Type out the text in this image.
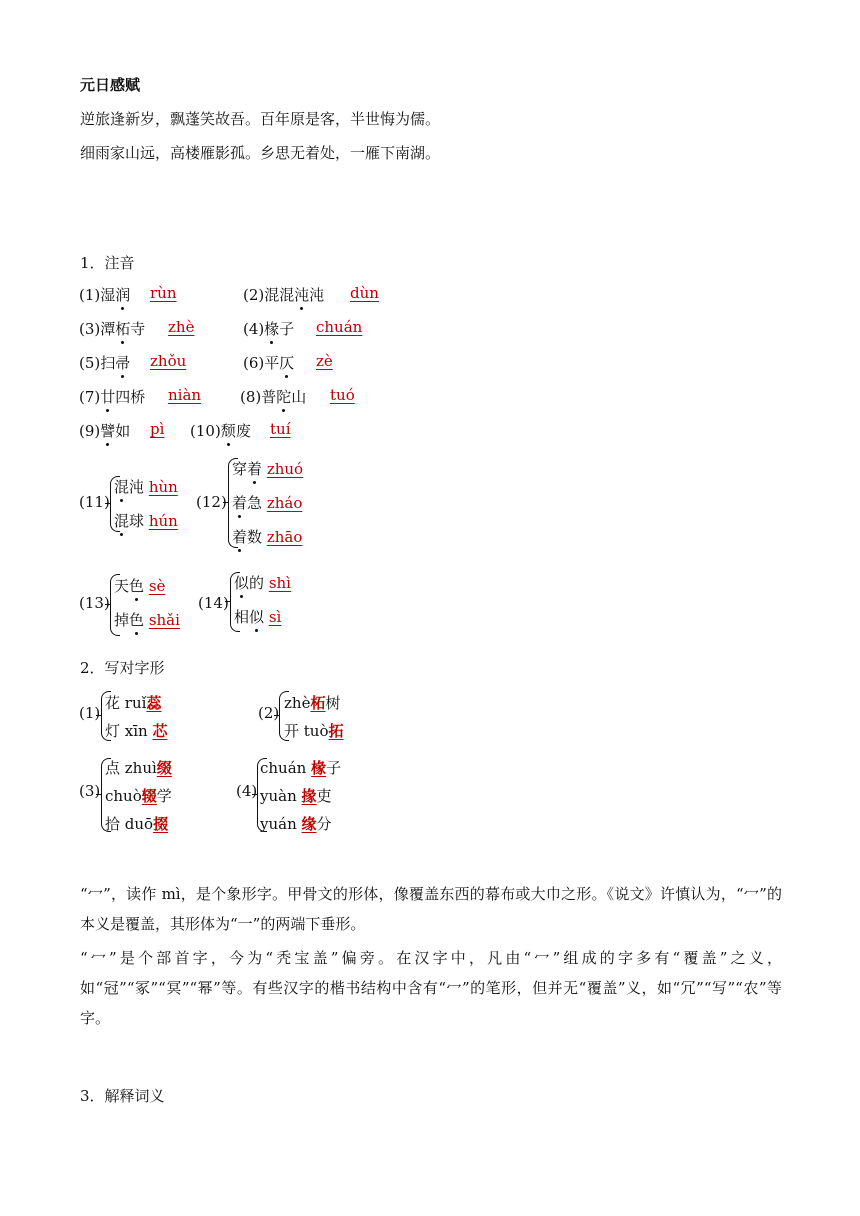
元日感赋
逆旅逢新岁，飘蓬笑故吾。百年原是客，半世悔为儒。
细雨家山远，高楼雁影孤。乡思无着处，一雁下南湖。
1．注音
(1)湿润 rùn	(2)混混沌沌 dùn
(3)潭柘寺 zhè	(4)椽子 chuán
(5)扫帚 zhǒu	(6)平仄 zè
(7)廿四桥 niàn	(8)普陀山 tuó
(9)譬如 pì (10)颓废 tuí
(11)
混沌 hùn
混球 hún
(12)
穿着 zhuó
着急 zháo
着数 zhāo
(13)
天色 sè
掉色 shǎi
(14)
似的 shì
相似 sì
2．写对字形
(1)
花 ruǐ蕊
灯 xīn 芯
(2)
zhè柘树
开 tuò拓
(3)
点 zhuì缀
chuò辍学
拾 duō掇
(4)
chuán 椽子
yuàn 掾吏
yuán 缘分

“冖”，读作 mì，是个象形字。甲骨文的形体，像覆盖东西的幕布或大巾之形。《说文》许慎认为，“冖”的本义是覆盖，其形体为“一”的两端下垂形。

“冖”是个部首字，今为“秃宝盖”偏旁。在汉字中，凡由“冖”组成的字多有“覆盖”之义，如“冠”“冢”“冥”“幂”等。有些汉字的楷书结构中含有“冖”的笔形，但并无“覆盖”义，如“冗”“写”“农”等字。

3．解释词义
